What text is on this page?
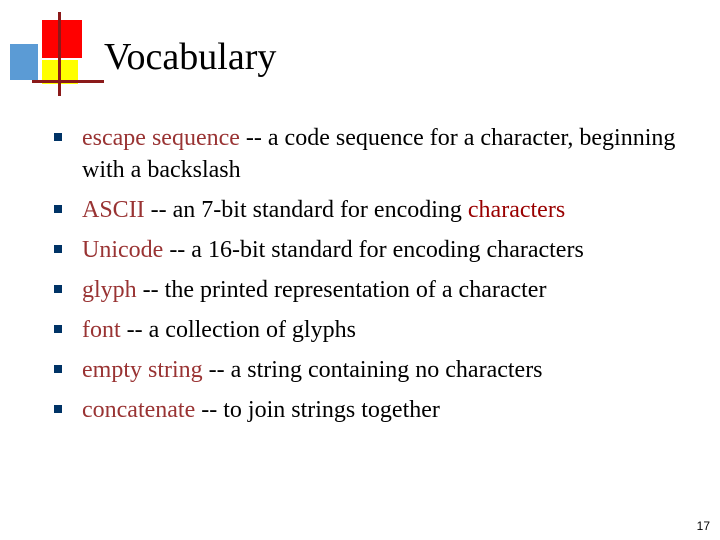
Vocabulary
escape sequence -- a code sequence for a character, beginning with a backslash
ASCII -- an 7-bit standard for encoding characters
Unicode -- a 16-bit standard for encoding characters
glyph -- the printed representation of a character
font -- a collection of glyphs
empty string -- a string containing no characters
concatenate -- to join strings together
17
